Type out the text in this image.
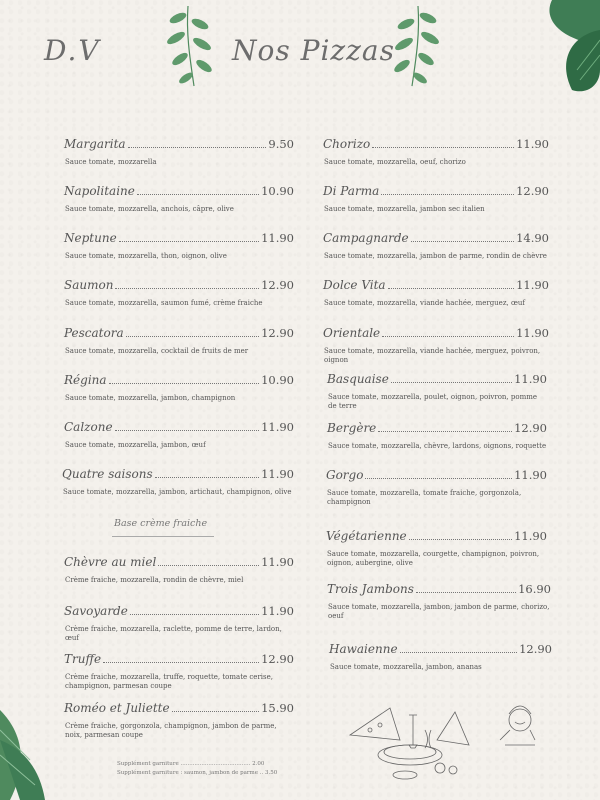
D.V	Nos Pizzas
Margarita	9.50
Sauce tomate, mozzarella
Napolitaine	10.90
Sauce tomate, mozzarella, anchois, câpre, olive
Neptune	11.90
Sauce tomate, mozzarella, thon, oignon, olive
Saumon	12.90
Sauce tomate, mozzarella, saumon fumé, crème fraiche
Pescatora	12.90
Sauce tomate, mozzarella, cocktail de fruits de mer
Régina	10.90
Sauce tomate, mozzarella, jambon, champignon
Calzone	11.90
Sauce tomate, mozzarella, jambon, œuf
Quatre saisons	11.90
Sauce tomate, mozzarella, jambon, artichaut, champignon, olive
Chèvre au miel	11.90
Crème fraiche, mozzarella, rondin de chèvre, miel
Savoyarde	11.90
Crème fraiche, mozzarella, raclette, pomme de terre, lardon, œuf
Truffe	12.90
Crème fraiche, mozzarella, truffe, roquette, tomate cerise, champignon, parmesan coupe
Roméo et Juliette	15.90
Crème fraiche, gorgonzola, champignon, jambon de parme, noix, parmesan coupe
Base crème fraiche
Chorizo	11.90
Sauce tomate, mozzarella, oeuf, chorizo
Di Parma	12.90
Sauce tomate, mozzarella, jambon sec italien
Campagnarde	14.90
Sauce tomate, mozzarella, jambon de parme, rondin de chèvre
Dolce Vita	11.90
Sauce tomate, mozzarella, viande hachée, merguez, œuf
Orientale	11.90
Sauce tomate, mozzarella, viande hachée, merguez, poivron, oignon
Basquaise	11.90
Sauce tomate, mozzarella, poulet, oignon, poivron, pomme de terre
Bergère	12.90
Sauce tomate, mozzarella, chèvre, lardons, oignons, roquette
Gorgo	11.90
Sauce tomate, mozzarella, tomate fraiche, gorgonzola, champignon
Végétarienne	11.90
Sauce tomate, mozzarella, courgette, champignon, poivron, oignon, aubergine, olive
Trois Jambons	16.90
Sauce tomate, mozzarella, jambon, jambon de parme, chorizo, oeuf
Hawaienne	12.90
Sauce tomate, mozzarella, jambon, ananas
Supplément garniture ........................................ 2.00
Supplément garniture : saumon, jambon de parme .. 3.50
